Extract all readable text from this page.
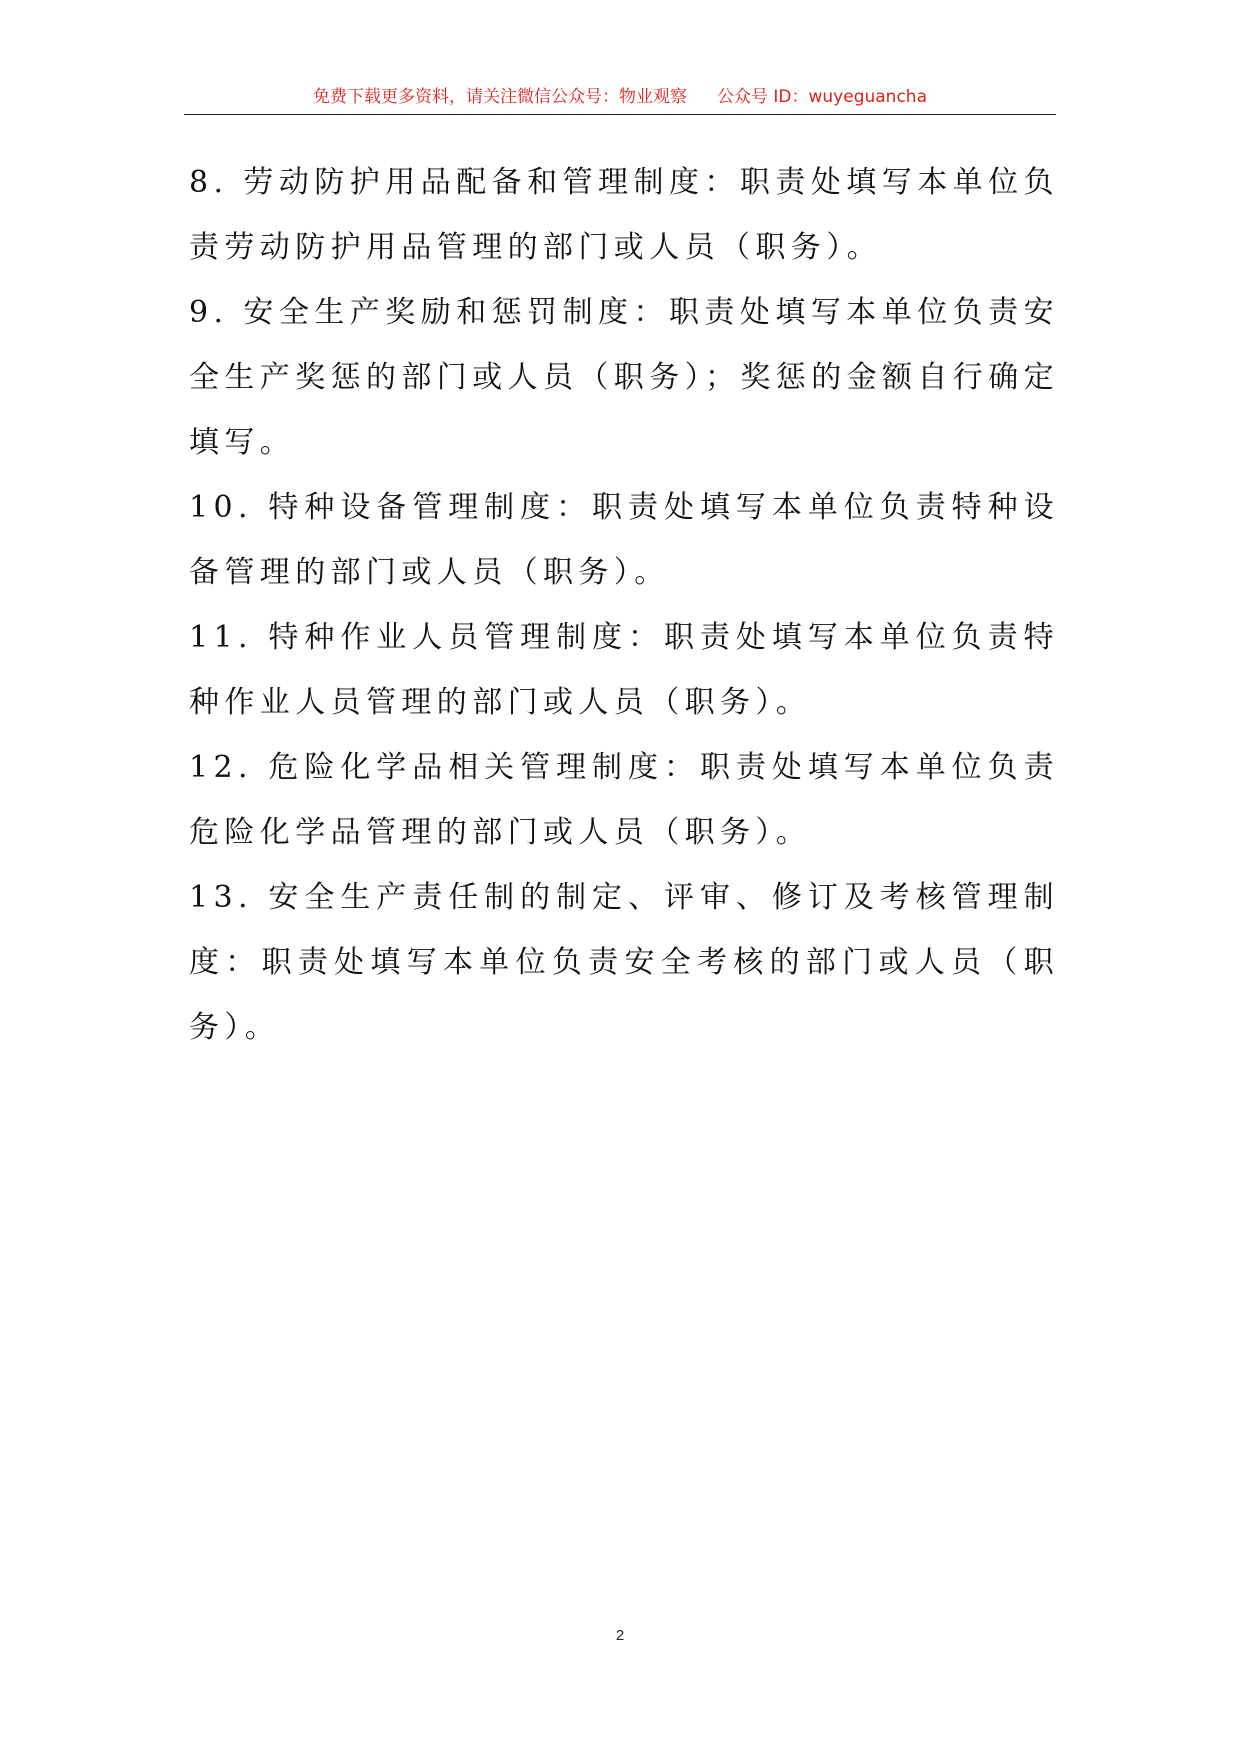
免费下载更多资料，请关注微信公众号：物业观察 公众号 ID：wuyeguancha

8. 劳动防护用品配备和管理制度：职责处填写本单位负责劳动防护用品管理的部门或人员（职务）。

9. 安全生产奖励和惩罚制度：职责处填写本单位负责安全生产奖惩的部门或人员（职务）；奖惩的金额自行确定填写。

10. 特种设备管理制度：职责处填写本单位负责特种设备管理的部门或人员（职务）。

11. 特种作业人员管理制度：职责处填写本单位负责特种作业人员管理的部门或人员（职务）。

12. 危险化学品相关管理制度：职责处填写本单位负责危险化学品管理的部门或人员（职务）。

13. 安全生产责任制的制定、评审、修订及考核管理制度：职责处填写本单位负责安全考核的部门或人员（职务）。

2
